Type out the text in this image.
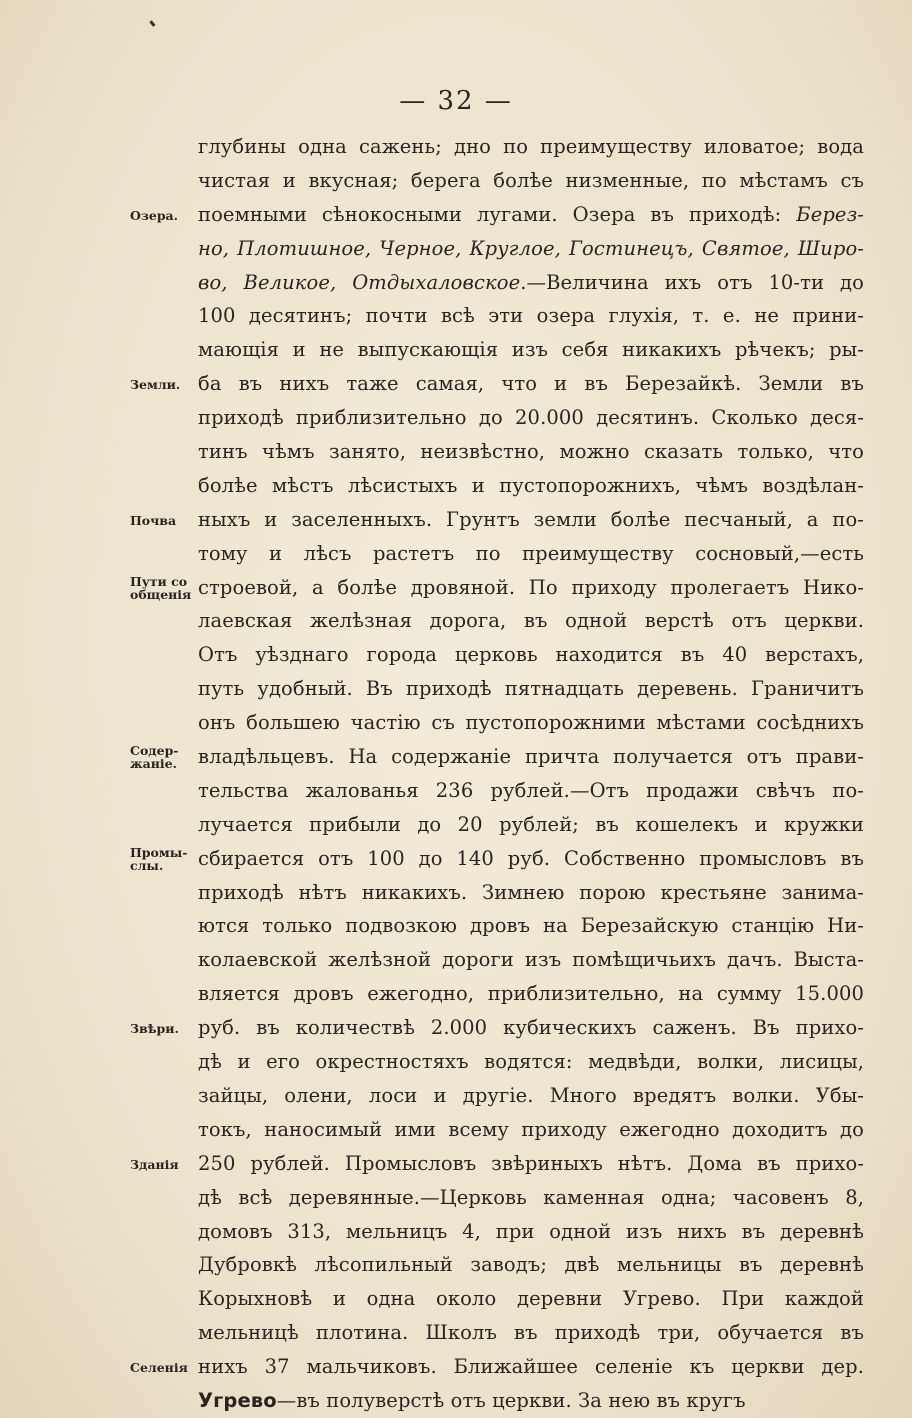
— 32 —
Озера.
Земли.
Почва
Пути со общенія
Содер- жаніе.
Промы- слы.
Звѣри.
Зданія
Селенія
глубины одна сажень; дно по преимуществу иловатое; вода
чистая и вкусная; берега болѣе низменные, по мѣстамъ съ
поемными сѣнокосными лугами. Озера въ приходѣ: Берез-
но, Плотишное, Черное, Круглое, Гостинецъ, Святое, Широ-
во, Великое, Отдыхаловское.—Величина ихъ отъ 10-ти до
100 десятинъ; почти всѣ эти озера глухія, т. е. не прини-
мающія и не выпускающія изъ себя никакихъ рѣчекъ; ры-
ба въ нихъ таже самая, что и въ Березайкѣ. Земли въ
приходѣ приблизительно до 20.000 десятинъ. Сколько деся-
тинъ чѣмъ занято, неизвѣстно, можно сказать только, что
болѣе мѣстъ лѣсистыхъ и пустопорожнихъ, чѣмъ воздѣлан-
ныхъ и заселенныхъ. Грунтъ земли болѣе песчаный, а по-
тому и лѣсъ растетъ по преимуществу сосновый,—есть
строевой, а болѣе дровяной. По приходу пролегаетъ Нико-
лаевская желѣзная дорога, въ одной верстѣ отъ церкви.
Отъ уѣзднаго города церковь находится въ 40 верстахъ,
путь удобный. Въ приходѣ пятнадцать деревень. Граничитъ
онъ большею частію съ пустопорожними мѣстами сосѣднихъ
владѣльцевъ. На содержаніе причта получается отъ прави-
тельства жалованья 236 рублей.—Отъ продажи свѣчъ по-
лучается прибыли до 20 рублей; въ кошелекъ и кружки
сбирается отъ 100 до 140 руб. Собственно промысловъ въ
приходѣ нѣтъ никакихъ. Зимнею порою крестьяне занима-
ются только подвозкою дровъ на Березайскую станцію Ни-
колаевской желѣзной дороги изъ помѣщичьихъ дачъ. Выста-
вляется дровъ ежегодно, приблизительно, на сумму 15.000
руб. въ количествѣ 2.000 кубическихъ саженъ. Въ прихо-
дѣ и его окрестностяхъ водятся: медвѣди, волки, лисицы,
зайцы, олени, лоси и другіе. Много вредятъ волки. Убы-
токъ, наносимый ими всему приходу ежегодно доходитъ до
250 рублей. Промысловъ звѣриныхъ нѣтъ. Дома въ прихо-
дѣ всѣ деревянные.—Церковь каменная одна; часовенъ 8,
домовъ 313, мельницъ 4, при одной изъ нихъ въ деревнѣ
Дубровкѣ лѣсопильный заводъ; двѣ мельницы въ деревнѣ
Корыхновѣ и одна около деревни Угрево. При каждой
мельницѣ плотина. Школъ въ приходѣ три, обучается въ
нихъ 37 мальчиковъ. Ближайшее селеніе къ церкви дер.
Угрево—въ полуверстѣ отъ церкви. За нею въ кругъ
